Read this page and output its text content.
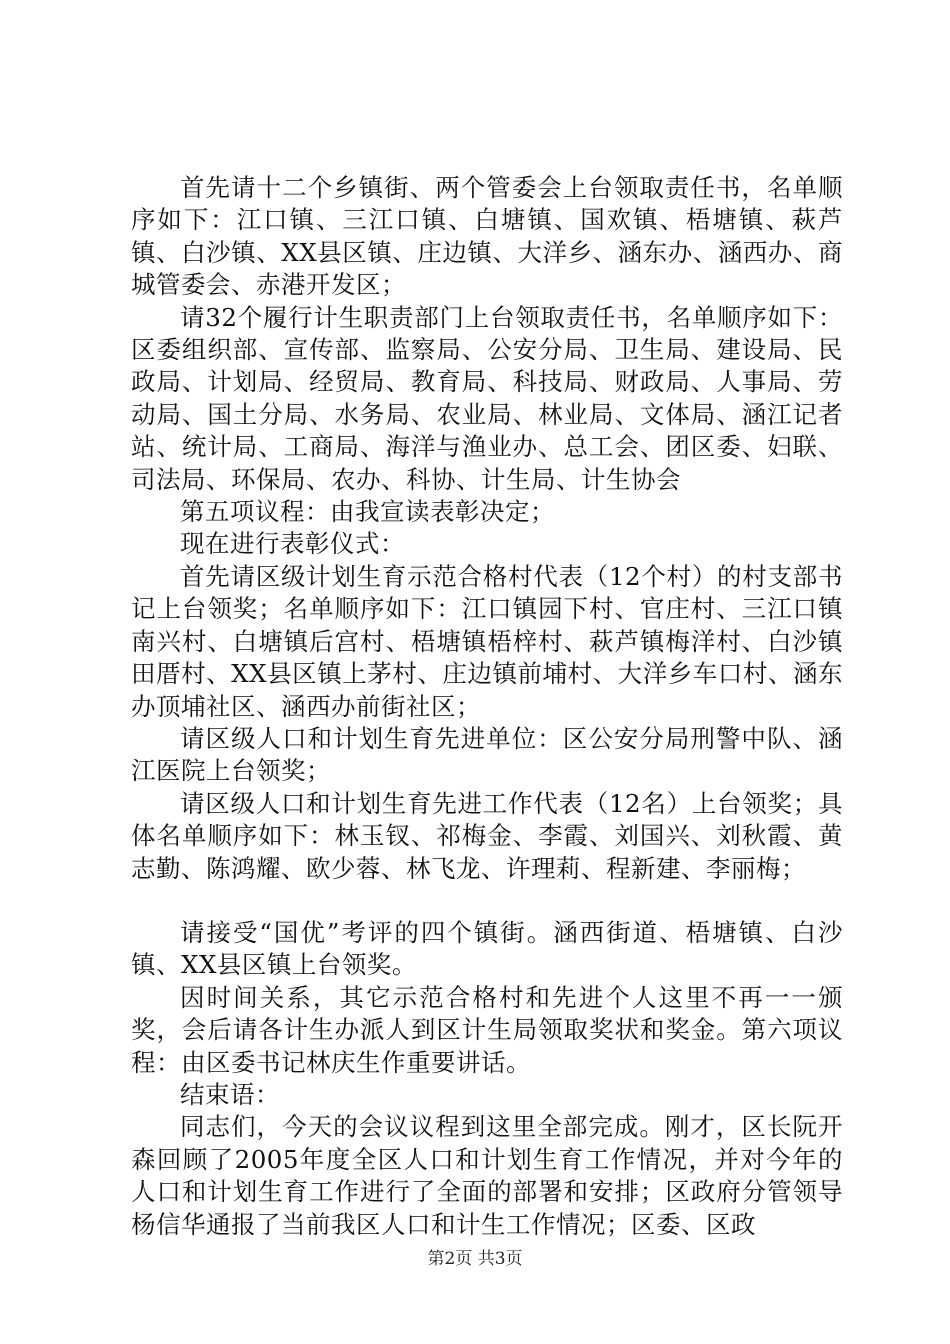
首先请十二个乡镇街、两个管委会上台领取责任书，名单顺序如下：江口镇、三江口镇、白塘镇、国欢镇、梧塘镇、萩芦镇、白沙镇、XX县区镇、庄边镇、大洋乡、涵东办、涵西办、商城管委会、赤港开发区；

请32个履行计生职责部门上台领取责任书，名单顺序如下：区委组织部、宣传部、监察局、公安分局、卫生局、建设局、民政局、计划局、经贸局、教育局、科技局、财政局、人事局、劳动局、国土分局、水务局、农业局、林业局、文体局、涵江记者站、统计局、工商局、海洋与渔业办、总工会、团区委、妇联、司法局、环保局、农办、科协、计生局、计生协会

第五项议程：由我宣读表彰决定；

现在进行表彰仪式：

首先请区级计划生育示范合格村代表（12个村）的村支部书记上台领奖；名单顺序如下：江口镇园下村、官庄村、三江口镇南兴村、白塘镇后宫村、梧塘镇梧梓村、萩芦镇梅洋村、白沙镇田厝村、XX县区镇上茅村、庄边镇前埔村、大洋乡车口村、涵东办顶埔社区、涵西办前街社区；

请区级人口和计划生育先进单位：区公安分局刑警中队、涵江医院上台领奖；

请区级人口和计划生育先进工作代表（12名）上台领奖；具体名单顺序如下：林玉钗、祁梅金、李霞、刘国兴、刘秋霞、黄志勤、陈鸿耀、欧少蓉、林飞龙、许理莉、程新建、李丽梅；

请接受“国优”考评的四个镇街。涵西街道、梧塘镇、白沙镇、XX县区镇上台领奖。

因时间关系，其它示范合格村和先进个人这里不再一一颁奖，会后请各计生办派人到区计生局领取奖状和奖金。第六项议程：由区委书记林庆生作重要讲话。

结束语：

同志们，今天的会议议程到这里全部完成。刚才，区长阮开森回顾了2005年度全区人口和计划生育工作情况，并对今年的人口和计划生育工作进行了全面的部署和安排；区政府分管领导杨信华通报了当前我区人口和计生工作情况；区委、区政

第2页 共3页
